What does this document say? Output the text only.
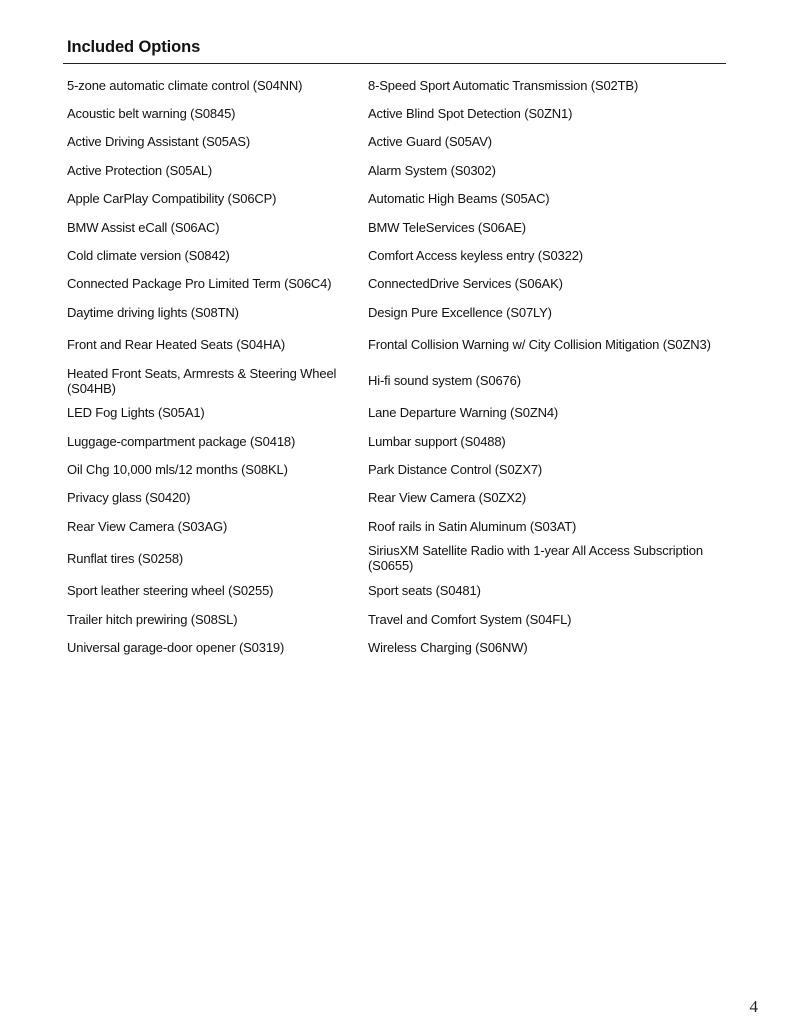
Included Options
5-zone automatic climate control (S04NN)	8-Speed Sport Automatic Transmission (S02TB)
Acoustic belt warning (S0845)	Active Blind Spot Detection (S0ZN1)
Active Driving Assistant (S05AS)	Active Guard (S05AV)
Active Protection (S05AL)	Alarm System (S0302)
Apple CarPlay Compatibility (S06CP)	Automatic High Beams (S05AC)
BMW Assist eCall (S06AC)	BMW TeleServices (S06AE)
Cold climate version (S0842)	Comfort Access keyless entry (S0322)
Connected Package Pro Limited Term (S06C4)	ConnectedDrive Services (S06AK)
Daytime driving lights (S08TN)	Design Pure Excellence (S07LY)
Front and Rear Heated Seats (S04HA)	Frontal Collision Warning w/ City Collision Mitigation (S0ZN3)
Heated Front Seats, Armrests & Steering Wheel (S04HB)	Hi-fi sound system (S0676)
LED Fog Lights (S05A1)	Lane Departure Warning (S0ZN4)
Luggage-compartment package (S0418)	Lumbar support (S0488)
Oil Chg 10,000 mls/12 months (S08KL)	Park Distance Control (S0ZX7)
Privacy glass (S0420)	Rear View Camera (S0ZX2)
Rear View Camera (S03AG)	Roof rails in Satin Aluminum (S03AT)
Runflat tires (S0258)	SiriusXM Satellite Radio with 1-year All Access Subscription (S0655)
Sport leather steering wheel (S0255)	Sport seats (S0481)
Trailer hitch prewiring (S08SL)	Travel and Comfort System (S04FL)
Universal garage-door opener (S0319)	Wireless Charging (S06NW)
4
